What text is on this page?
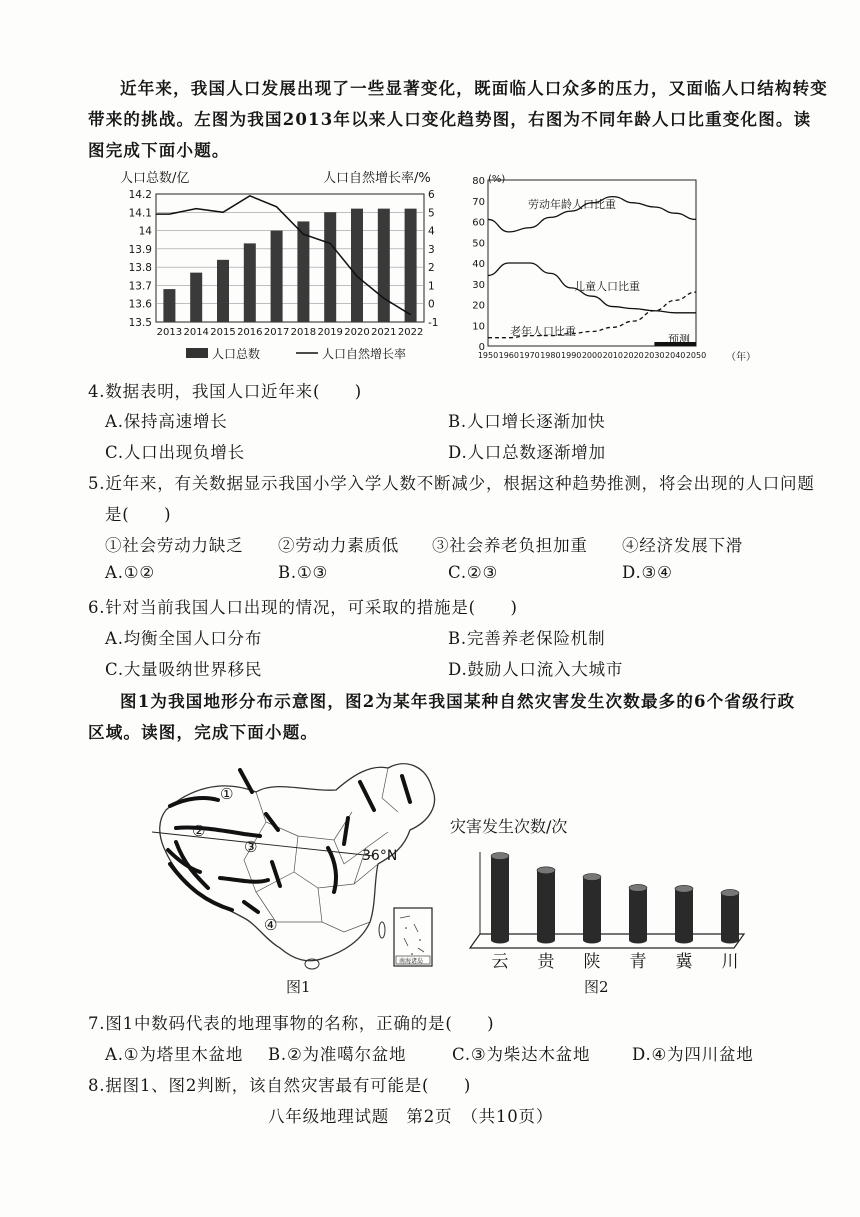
近年来，我国人口发展出现了一些显著变化，既面临人口众多的压力，又面临人口结构转变
带来的挑战。左图为我国2013年以来人口变化趋势图，右图为不同年龄人口比重变化图。读
图完成下面小题。
人口总数/亿	人口自然增长率/%
13.5
13.6
13.7
13.8
13.9
14
14.1
14.2
-1
0
1
2
3
4
5
6
2013 2014 2015 2016 2017 2018 2019 2020 2021 2022
人口总数	人口自然增长率
(%)
0
10
20
30
40
50
60
70
80
1950 1960 1970 1980 1990 2000 2010 2020 2030 2040 2050
劳动年龄人口比重
儿童人口比重
老年人口比重
预测
（年）
4.数据表明，我国人口近年来(　　)
A.保持高速增长	B.人口增长逐渐加快
C.人口出现负增长	D.人口总数逐渐增加
5.近年来，有关数据显示我国小学入学人数不断减少，根据这种趋势推测，将会出现的人口问题
是(　　)
①社会劳动力缺乏 ②劳动力素质低 ③社会养老负担加重 ④经济发展下滑
A.①②	B.①③	C.②③	D.③④
6.针对当前我国人口出现的情况，可采取的措施是(　　)
A.均衡全国人口分布	B.完善养老保险机制
C.大量吸纳世界移民	D.鼓励人口流入大城市
图1为我国地形分布示意图，图2为某年我国某种自然灾害发生次数最多的6个省级行政
区域。读图，完成下面小题。
36°N
①
②
③
④
南海诸岛
图1
灾害发生次数/次
云 贵 陕 青 冀 川
图2
7.图1中数码代表的地理事物的名称，正确的是(　　)
A.①为塔里木盆地 B.②为准噶尔盆地	C.③为柴达木盆地	D.④为四川盆地
8.据图1、图2判断，该自然灾害最有可能是(　　)
八年级地理试题　第2页　（共10页）
